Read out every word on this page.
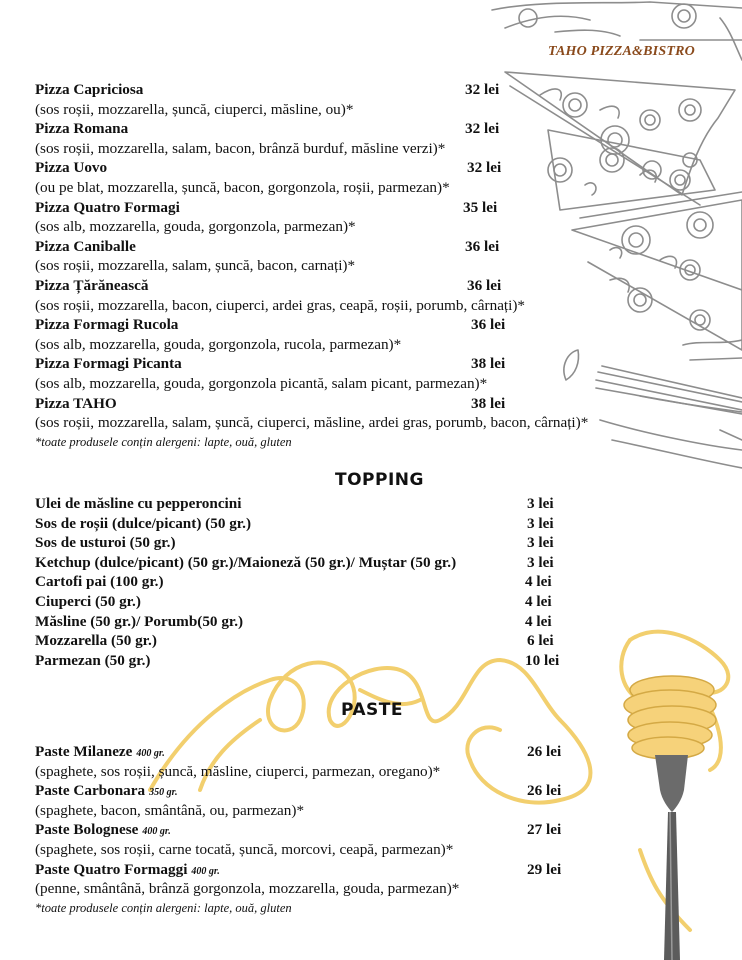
TAHO PIZZA&BISTRO
Pizza Capriciosa	32 lei
(sos roșii, mozzarella, șuncă, ciuperci, măsline, ou)*
Pizza Romana	32 lei
(sos roșii, mozzarella, salam, bacon, brânză burduf, măsline verzi)*
Pizza Uovo	32 lei
(ou pe blat, mozzarella, șuncă, bacon, gorgonzola, roșii, parmezan)*
Pizza Quatro Formagi	35 lei
(sos alb, mozzarella, gouda, gorgonzola, parmezan)*
Pizza Caniballe	36 lei
(sos roșii, mozzarella, salam, șuncă, bacon, carnați)*
Pizza Țărănească	36 lei
(sos roșii, mozzarella, bacon, ciuperci, ardei gras, ceapă, roșii, porumb, cârnați)*
Pizza Formagi Rucola	36 lei
(sos alb, mozzarella, gouda, gorgonzola, rucola, parmezan)*
Pizza Formagi Picanta	38 lei
(sos alb, mozzarella, gouda, gorgonzola picantă, salam picant, parmezan)*
Pizza TAHO	38 lei
(sos roșii, mozzarella, salam, șuncă, ciuperci, măsline, ardei gras, porumb, bacon, cârnați)*
*toate produsele conțin alergeni: lapte, ouă, gluten
TOPPING
Ulei de măsline cu pepperoncini	3 lei
Sos de roșii (dulce/picant) (50 gr.)	3 lei
Sos de usturoi (50 gr.)	3 lei
Ketchup (dulce/picant) (50 gr.)/Maioneză (50 gr.)/ Muștar (50 gr.)	3 lei
Cartofi pai (100 gr.)	4 lei
Ciuperci (50 gr.)	4 lei
Măsline (50 gr.)/ Porumb(50 gr.)	4 lei
Mozzarella (50 gr.)	6 lei
Parmezan (50 gr.)	10 lei
PASTE
Paste Milaneze 400 gr.	26 lei
(spaghete, sos roșii, șuncă, măsline, ciuperci, parmezan, oregano)*
Paste Carbonara 350 gr.	26 lei
(spaghete, bacon, smântână, ou, parmezan)*
Paste Bolognese 400 gr.	27 lei
(spaghete, sos roșii, carne tocată, șuncă, morcovi, ceapă, parmezan)*
Paste Quatro Formaggi 400 gr.	29 lei
(penne, smântână, brânză gorgonzola, mozzarella, gouda, parmezan)*
*toate produsele conțin alergeni: lapte, ouă, gluten
